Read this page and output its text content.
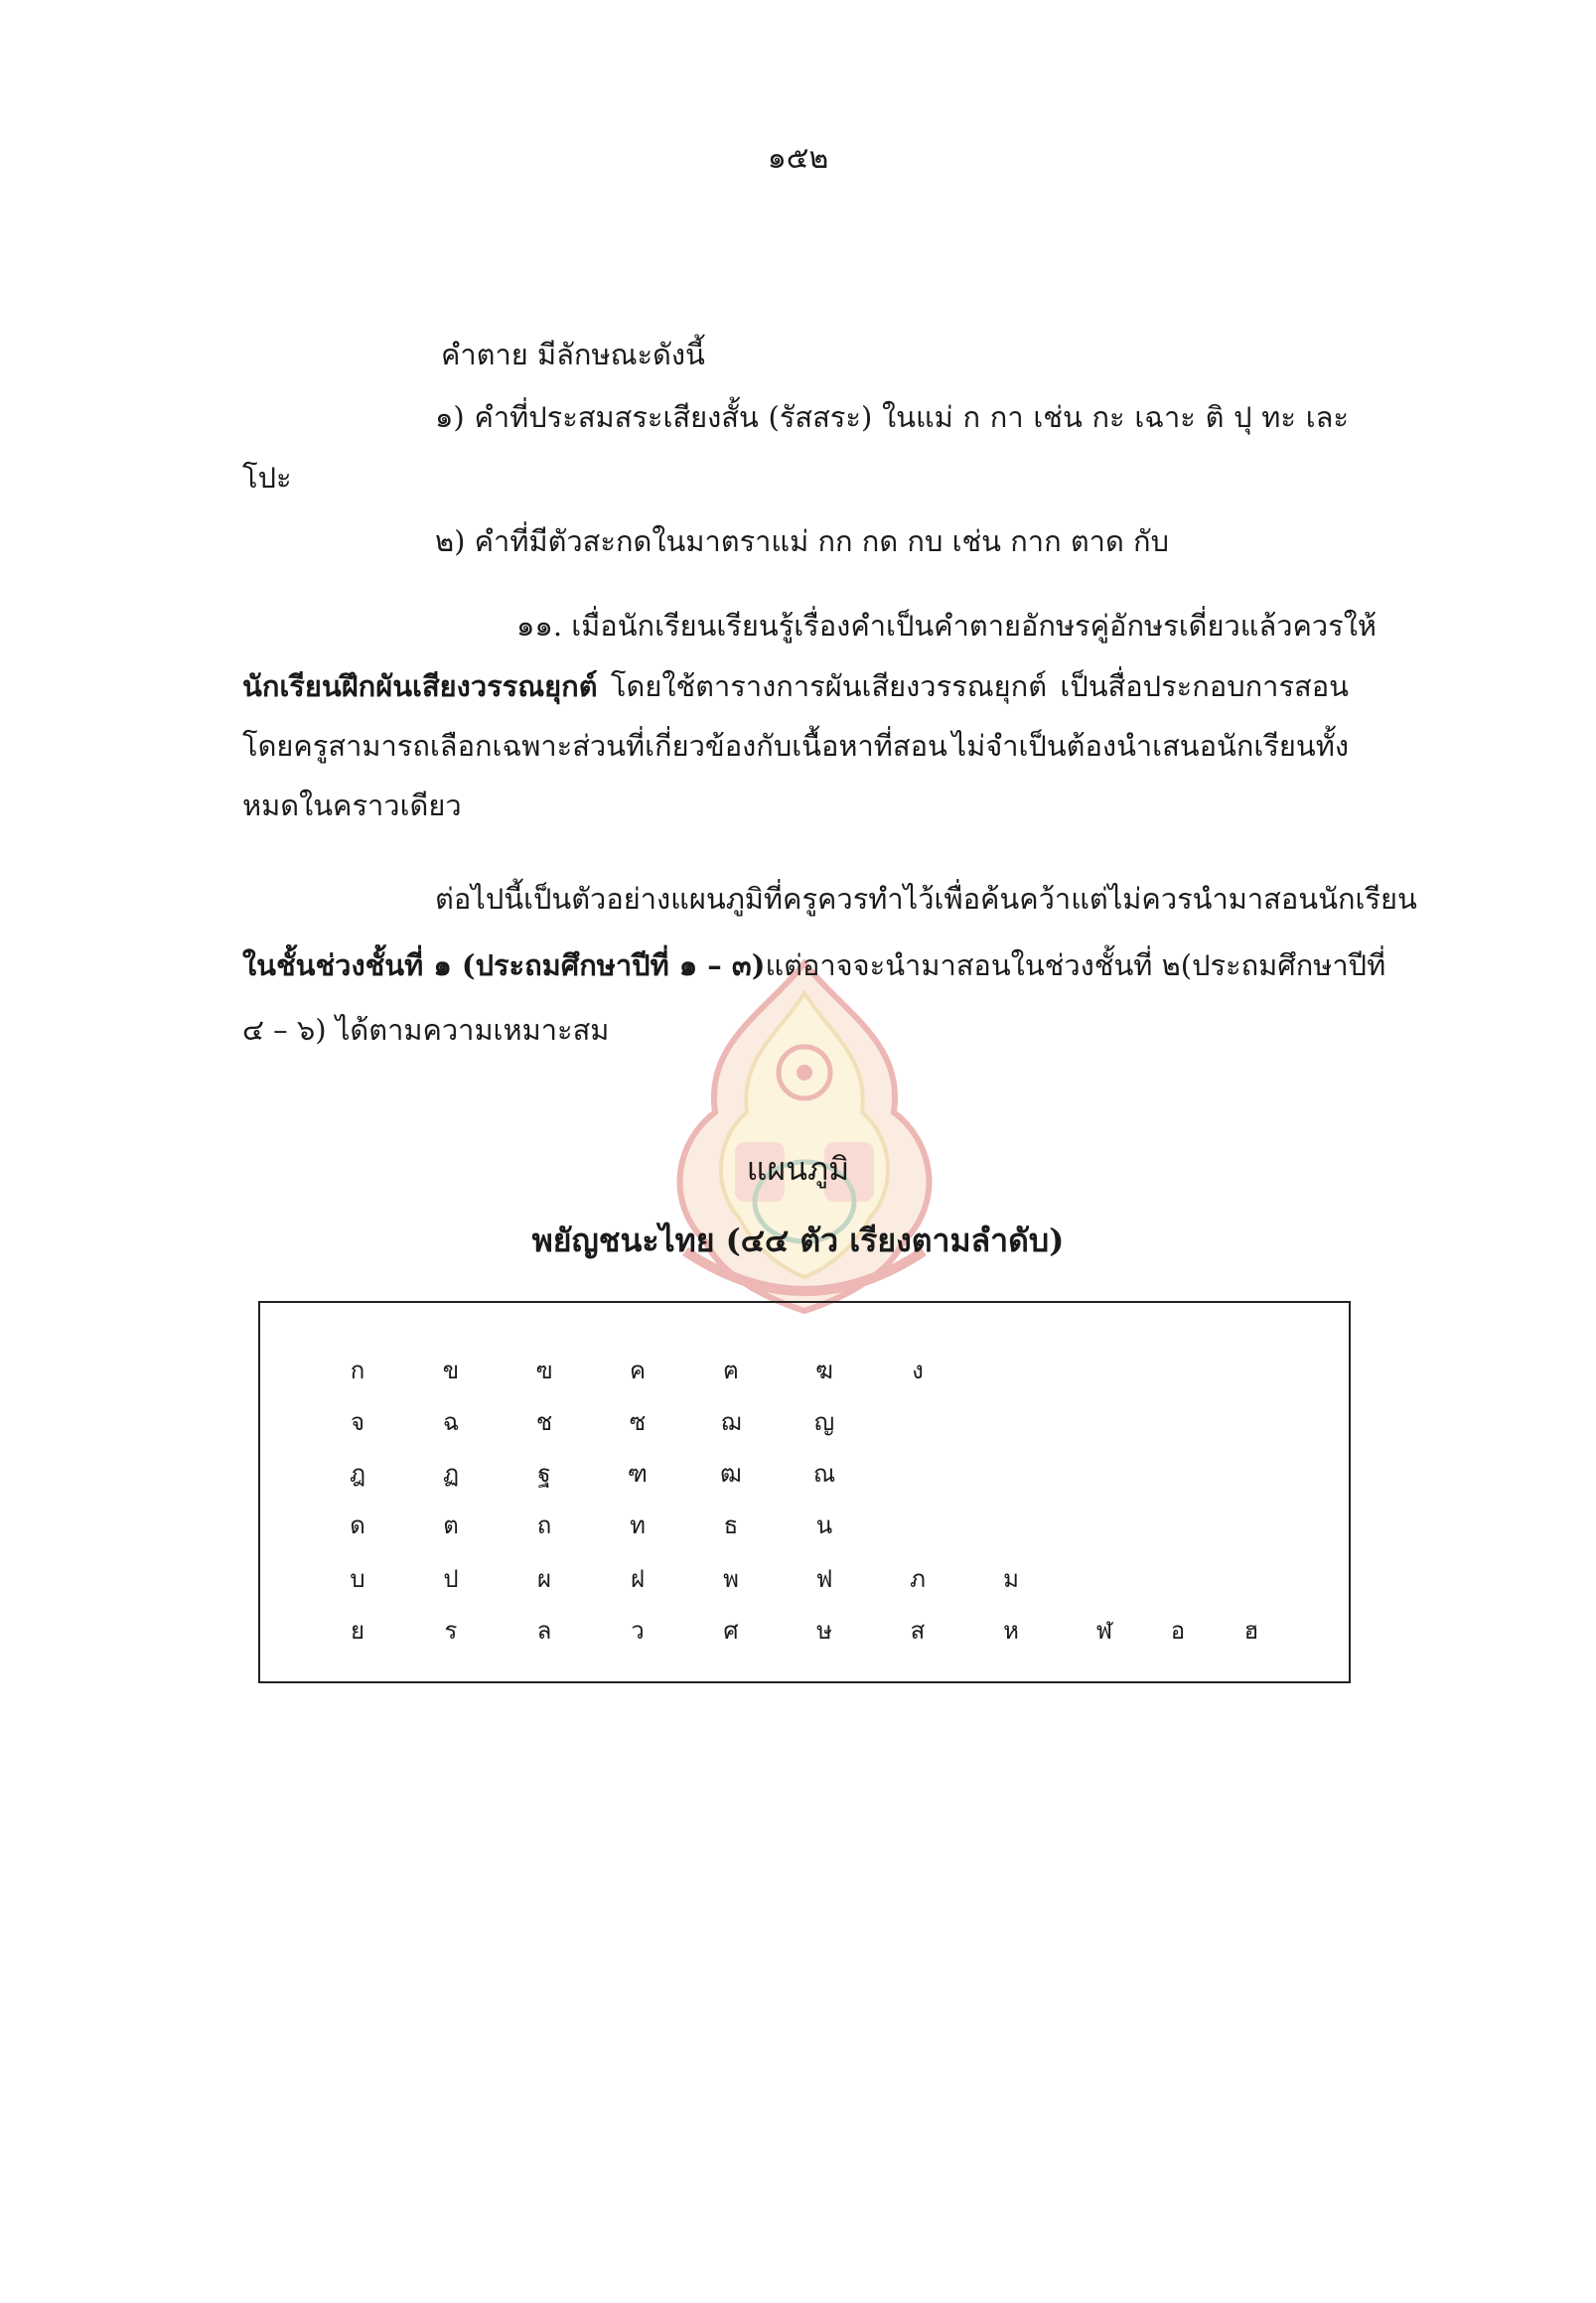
๑๕๒
คำตาย มีลักษณะดังนี้
๑) คำที่ประสมสระเสียงสั้น (รัสสระ) ในแม่ ก กา เช่น กะ เฉาะ ติ ปุ ทะ เละ
โปะ
๒) คำที่มีตัวสะกดในมาตราแม่ กก กด กบ เช่น กาก ตาด กับ
๑๑. เมื่อนักเรียนเรียนรู้เรื่อง คำเป็น คำตาย อักษรคู่ อักษรเดี่ยว แล้วควรให้
นักเรียนฝึกผันเสียงวรรณยุกต์ โดยใช้ตารางการผันเสียงวรรณยุกต์ เป็นสื่อประกอบการสอน
โดยครูสามารถเลือกเฉพาะส่วนที่เกี่ยวข้องกับเนื้อหาที่สอน ไม่จำเป็นต้องนำเสนอนักเรียนทั้ง
หมดในคราวเดียว
ต่อไปนี้เป็นตัวอย่างแผนภูมิที่ครูควรทำไว้เพื่อค้นคว้า แต่ไม่ควรนำมาสอนนักเรียน
ในชั้นช่วงชั้นที่ ๑ (ประถมศึกษาปีที่ ๑ – ๓) แต่อาจจะนำมาสอนในช่วงชั้นที่ ๒ (ประถมศึกษาปีที่
๔ – ๖) ได้ตามความเหมาะสม
แผนภูมิ
พยัญชนะไทย (๔๔ ตัว เรียงตามลำดับ)
ก	ข	ฃ	ค	ฅ	ฆ	ง
จ	ฉ	ช	ซ	ฌ	ญ
ฎ	ฏ	ฐ	ฑ	ฒ	ณ
ด	ต	ถ	ท	ธ	น
บ	ป	ผ	ฝ	พ	ฟ	ภ	ม
ย	ร	ล	ว	ศ	ษ	ส	ห	ฬ	อ	ฮ
